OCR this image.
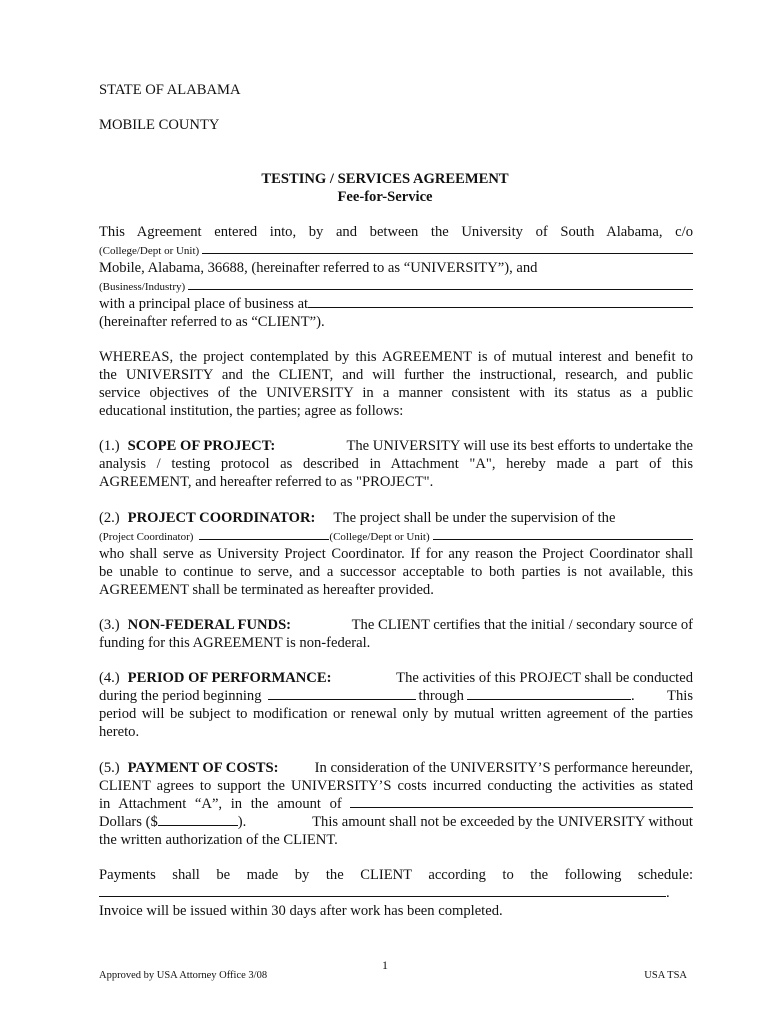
STATE OF ALABAMA
MOBILE COUNTY
TESTING / SERVICES AGREEMENT
Fee-for-Service
This Agreement entered into, by and between the University of South Alabama, c/o
(College/Dept or Unit)
Mobile, Alabama, 36688, (hereinafter referred to as “UNIVERSITY”), and
(Business/Industry)
with a principal place of business at
(hereinafter referred to as “CLIENT”).
WHEREAS, the project contemplated by this AGREEMENT is of mutual interest and benefit to
the UNIVERSITY and the CLIENT, and will further the instructional, research, and public
service objectives of the UNIVERSITY in a manner consistent with its status as a public
educational institution, the parties; agree as follows:
(1.) SCOPE OF PROJECT:	The UNIVERSITY will use its best efforts to undertake the
analysis / testing protocol as described in Attachment "A", hereby made a part of this
AGREEMENT, and hereafter referred to as "PROJECT".
(2.) PROJECT COORDINATOR: The project shall be under the supervision of the
(Project Coordinator)	(College/Dept or Unit)
who shall serve as University Project Coordinator. If for any reason the Project Coordinator shall
be unable to continue to serve, and a successor acceptable to both parties is not available, this
AGREEMENT shall be terminated as hereafter provided.
(3.) NON-FEDERAL FUNDS:	The CLIENT certifies that the initial / secondary source of
funding for this AGREEMENT is non-federal.
(4.) PERIOD OF PERFORMANCE:	The activities of this PROJECT shall be conducted
during the period beginning	through	. This
period will be subject to modification or renewal only by mutual written agreement of the parties
hereto.
(5.) PAYMENT OF COSTS: In consideration of the UNIVERSITY’S performance hereunder,
CLIENT agrees to support the UNIVERSITY’S costs incurred conducting the activities as stated
in Attachment “A”, in the amount of
Dollars ($	).	This amount shall not be exceeded by the UNIVERSITY without
the written authorization of the CLIENT.
Payments shall be made by the CLIENT according to the following schedule:
.
Invoice will be issued within 30 days after work has been completed.
1
Approved by USA Attorney Office 3/08	USA TSA
